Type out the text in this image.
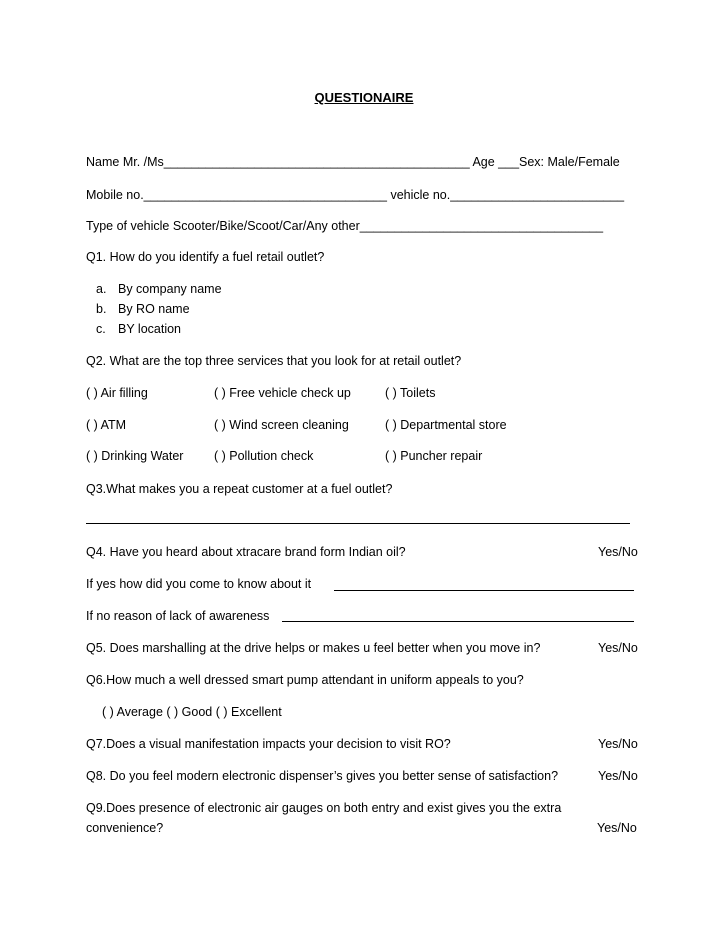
QUESTIONAIRE
Name Mr. /Ms____________________________________________ Age ___Sex: Male/Female
Mobile no.___________________________________ vehicle no._________________________
Type of vehicle Scooter/Bike/Scoot/Car/Any other___________________________________
Q1. How do you identify a fuel retail outlet?
a. By company name
b. By RO name
c. BY location
Q2. What are the top three services that you look for at retail outlet?
( ) Air filling	( ) Free vehicle check up	( ) Toilets
( ) ATM	( ) Wind screen cleaning	( ) Departmental store
( ) Drinking Water ( ) Pollution check	( ) Puncher repair
Q3.What makes you a repeat customer at a fuel outlet?
Q4. Have you heard about xtracare brand form Indian oil?	Yes/No
If yes how did you come to know about it
If no reason of lack of awareness
Q5. Does marshalling at the drive helps or makes u feel better when you move in?	Yes/No
Q6.How much a well dressed smart pump attendant in uniform appeals to you?
( ) Average ( ) Good ( ) Excellent
Q7.Does a visual manifestation impacts your decision to visit RO?	Yes/No
Q8. Do you feel modern electronic dispenser’s gives you better sense of satisfaction?	Yes/No
Q9.Does presence of electronic air gauges on both entry and exist gives you the extra
convenience?	Yes/No
